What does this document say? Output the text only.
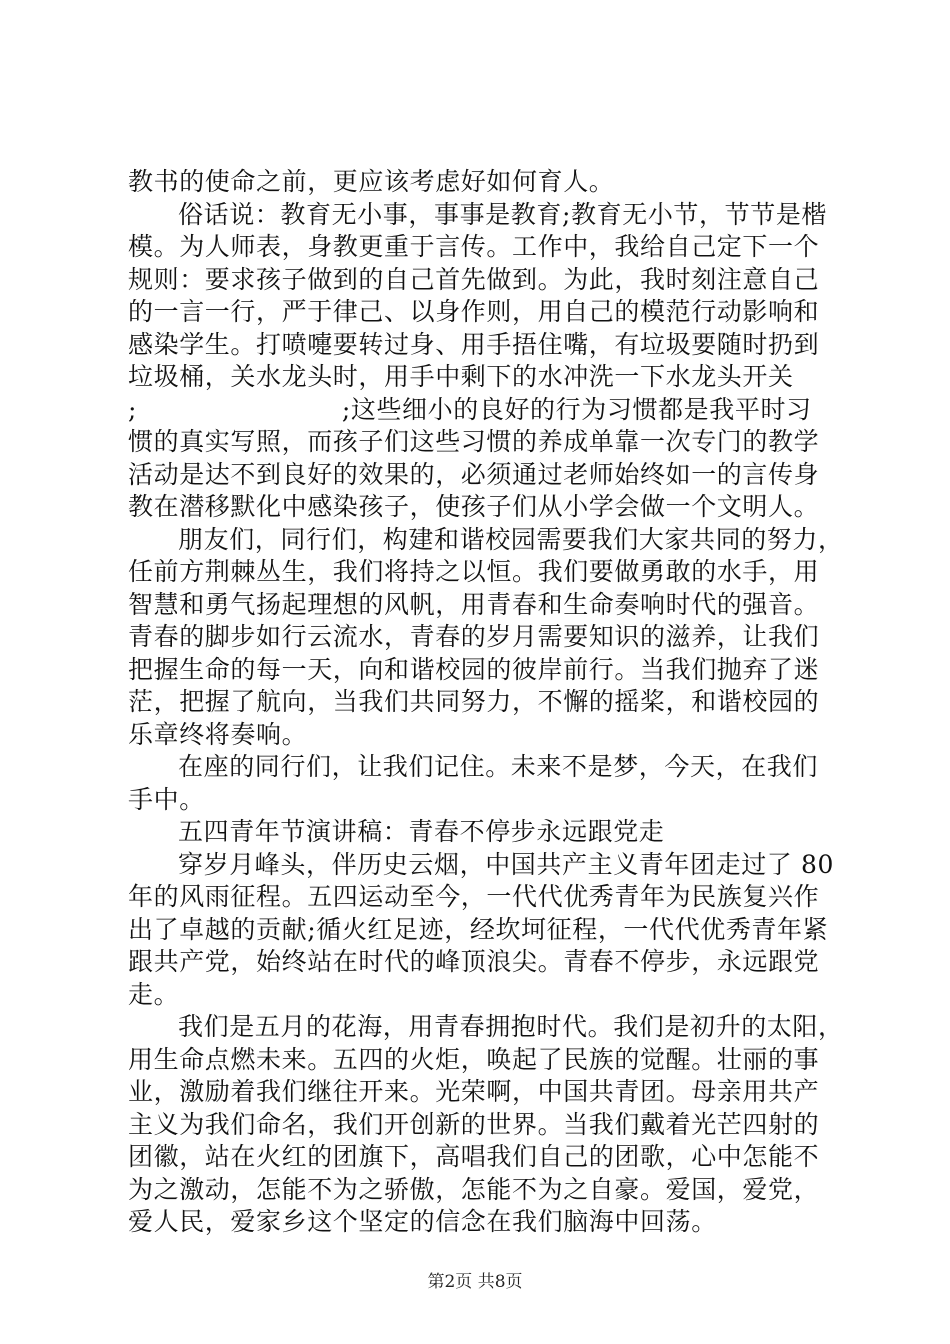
教书的使命之前，更应该考虑好如何育人。
俗话说：教育无小事，事事是教育;教育无小节，节节是楷
模。为人师表，身教更重于言传。工作中，我给自己定下一个
规则：要求孩子做到的自己首先做到。为此，我时刻注意自己
的一言一行，严于律己、以身作则，用自己的模范行动影响和
感染学生。打喷嚏要转过身、用手捂住嘴，有垃圾要随时扔到
垃圾桶，关水龙头时，用手中剩下的水冲洗一下水龙头开关
;　　　　　　　　;这些细小的良好的行为习惯都是我平时习
惯的真实写照，而孩子们这些习惯的养成单靠一次专门的教学
活动是达不到良好的效果的，必须通过老师始终如一的言传身
教在潜移默化中感染孩子，使孩子们从小学会做一个文明人。
朋友们，同行们，构建和谐校园需要我们大家共同的努力，
任前方荆棘丛生，我们将持之以恒。我们要做勇敢的水手，用
智慧和勇气扬起理想的风帆，用青春和生命奏响时代的强音。
青春的脚步如行云流水，青春的岁月需要知识的滋养，让我们
把握生命的每一天，向和谐校园的彼岸前行。当我们抛弃了迷
茫，把握了航向，当我们共同努力，不懈的摇桨，和谐校园的
乐章终将奏响。
在座的同行们，让我们记住。未来不是梦，今天，在我们
手中。
五四青年节演讲稿：青春不停步永远跟党走
穿岁月峰头，伴历史云烟，中国共产主义青年团走过了 80
年的风雨征程。五四运动至今，一代代优秀青年为民族复兴作
出了卓越的贡献;循火红足迹，经坎坷征程，一代代优秀青年紧
跟共产党，始终站在时代的峰顶浪尖。青春不停步，永远跟党
走。
我们是五月的花海，用青春拥抱时代。我们是初升的太阳，
用生命点燃未来。五四的火炬，唤起了民族的觉醒。壮丽的事
业，激励着我们继往开来。光荣啊，中国共青团。母亲用共产
主义为我们命名，我们开创新的世界。当我们戴着光芒四射的
团徽，站在火红的团旗下，高唱我们自己的团歌，心中怎能不
为之激动，怎能不为之骄傲，怎能不为之自豪。爱国，爱党，
爱人民，爱家乡这个坚定的信念在我们脑海中回荡。
第2页 共8页
